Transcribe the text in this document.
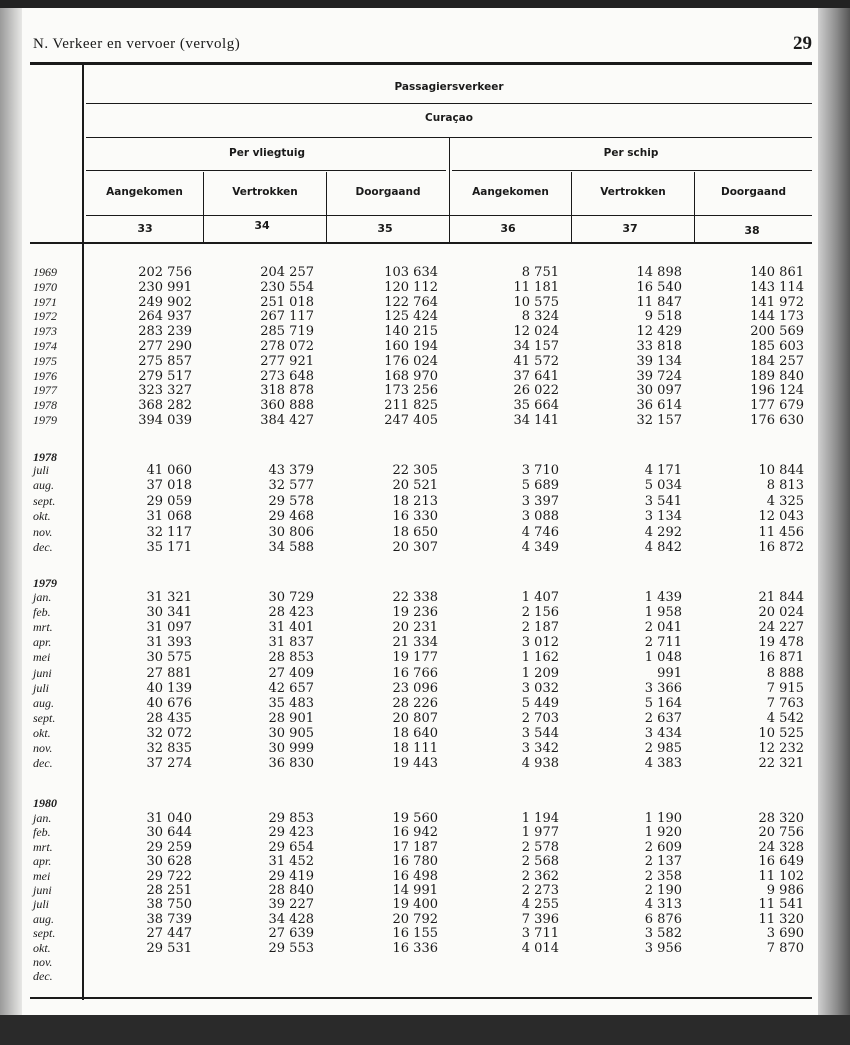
N. Verkeer en vervoer (vervolg)	29
Passagiersverkeer
Curaçao
Per vliegtuig	Per schip
Aangekomen	Vertrokken	Doorgaand	Aangekomen	Vertrokken	Doorgaand
33	34	35	36	37	38
1969	202 756	204 257	103 634	8 751	14 898	140 861
1970	230 991	230 554	120 112	11 181	16 540	143 114
1971	249 902	251 018	122 764	10 575	11 847	141 972
1972	264 937	267 117	125 424	8 324	9 518	144 173
1973	283 239	285 719	140 215	12 024	12 429	200 569
1974	277 290	278 072	160 194	34 157	33 818	185 603
1975	275 857	277 921	176 024	41 572	39 134	184 257
1976	279 517	273 648	168 970	37 641	39 724	189 840
1977	323 327	318 878	173 256	26 022	30 097	196 124
1978	368 282	360 888	211 825	35 664	36 614	177 679
1979	394 039	384 427	247 405	34 141	32 157	176 630
1978
juli	41 060	43 379	22 305	3 710	4 171	10 844
aug.	37 018	32 577	20 521	5 689	5 034	8 813
sept.	29 059	29 578	18 213	3 397	3 541	4 325
okt.	31 068	29 468	16 330	3 088	3 134	12 043
nov.	32 117	30 806	18 650	4 746	4 292	11 456
dec.	35 171	34 588	20 307	4 349	4 842	16 872
1979
jan.	31 321	30 729	22 338	1 407	1 439	21 844
feb.	30 341	28 423	19 236	2 156	1 958	20 024
mrt.	31 097	31 401	20 231	2 187	2 041	24 227
apr.	31 393	31 837	21 334	3 012	2 711	19 478
mei	30 575	28 853	19 177	1 162	1 048	16 871
juni	27 881	27 409	16 766	1 209	991	8 888
juli	40 139	42 657	23 096	3 032	3 366	7 915
aug.	40 676	35 483	28 226	5 449	5 164	7 763
sept.	28 435	28 901	20 807	2 703	2 637	4 542
okt.	32 072	30 905	18 640	3 544	3 434	10 525
nov.	32 835	30 999	18 111	3 342	2 985	12 232
dec.	37 274	36 830	19 443	4 938	4 383	22 321
1980
jan.	31 040	29 853	19 560	1 194	1 190	28 320
feb.	30 644	29 423	16 942	1 977	1 920	20 756
mrt.	29 259	29 654	17 187	2 578	2 609	24 328
apr.	30 628	31 452	16 780	2 568	2 137	16 649
mei	29 722	29 419	16 498	2 362	2 358	11 102
juni	28 251	28 840	14 991	2 273	2 190	9 986
juli	38 750	39 227	19 400	4 255	4 313	11 541
aug.	38 739	34 428	20 792	7 396	6 876	11 320
sept.	27 447	27 639	16 155	3 711	3 582	3 690
okt.	29 531	29 553	16 336	4 014	3 956	7 870
nov.
dec.
